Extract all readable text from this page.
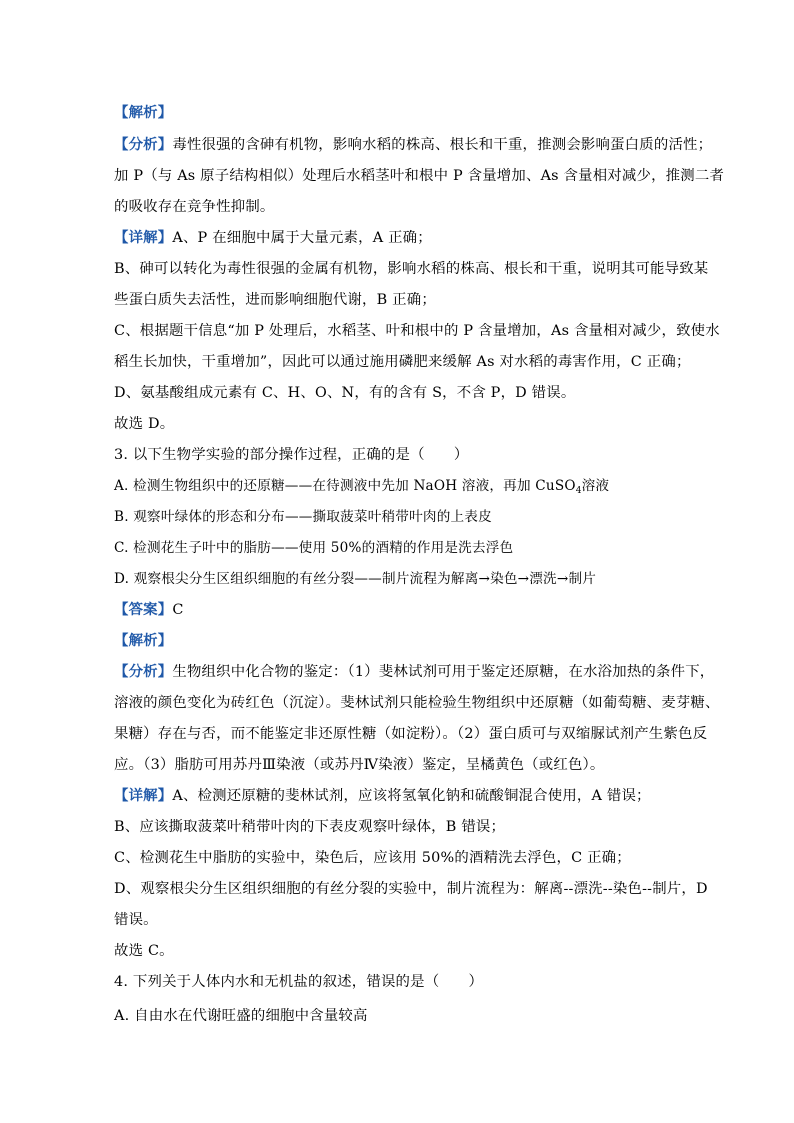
【解析】
【分析】毒性很强的含砷有机物，影响水稻的株高、根长和干重，推测会影响蛋白质的活性；
加 P（与 As 原子结构相似）处理后水稻茎叶和根中 P 含量增加、As 含量相对减少，推测二者
的吸收存在竞争性抑制。
【详解】A、P 在细胞中属于大量元素，A 正确；
B、砷可以转化为毒性很强的金属有机物，影响水稻的株高、根长和干重，说明其可能导致某
些蛋白质失去活性，进而影响细胞代谢，B 正确；
C、根据题干信息“加 P 处理后，水稻茎、叶和根中的 P 含量增加，As 含量相对减少，致使水
稻生长加快，干重增加”，因此可以通过施用磷肥来缓解 As 对水稻的毒害作用，C 正确；
D、氨基酸组成元素有 C、H、O、N，有的含有 S，不含 P，D 错误。
故选 D。
3. 以下生物学实验的部分操作过程，正确的是（　　）
A. 检测生物组织中的还原糖——在待测液中先加 NaOH 溶液，再加 CuSO$_4$溶液
B. 观察叶绿体的形态和分布——撕取菠菜叶稍带叶肉的上表皮
C. 检测花生子叶中的脂肪——使用 50%的酒精的作用是洗去浮色
D. 观察根尖分生区组织细胞的有丝分裂——制片流程为解离→染色→漂洗→制片
【答案】C
【解析】
【分析】生物组织中化合物的鉴定：（1）斐林试剂可用于鉴定还原糖，在水浴加热的条件下，
溶液的颜色变化为砖红色（沉淀）。斐林试剂只能检验生物组织中还原糖（如葡萄糖、麦芽糖、
果糖）存在与否，而不能鉴定非还原性糖（如淀粉）。（2）蛋白质可与双缩脲试剂产生紫色反
应。（3）脂肪可用苏丹Ⅲ染液（或苏丹Ⅳ染液）鉴定，呈橘黄色（或红色）。
【详解】A、检测还原糖的斐林试剂，应该将氢氧化钠和硫酸铜混合使用，A 错误；
B、应该撕取菠菜叶稍带叶肉的下表皮观察叶绿体，B 错误；
C、检测花生中脂肪的实验中，染色后，应该用 50%的酒精洗去浮色，C 正确；
D、观察根尖分生区组织细胞的有丝分裂的实验中，制片流程为：解离--漂洗--染色--制片，D
错误。
故选 C。
4. 下列关于人体内水和无机盐的叙述，错误的是（　　）
A. 自由水在代谢旺盛的细胞中含量较高
